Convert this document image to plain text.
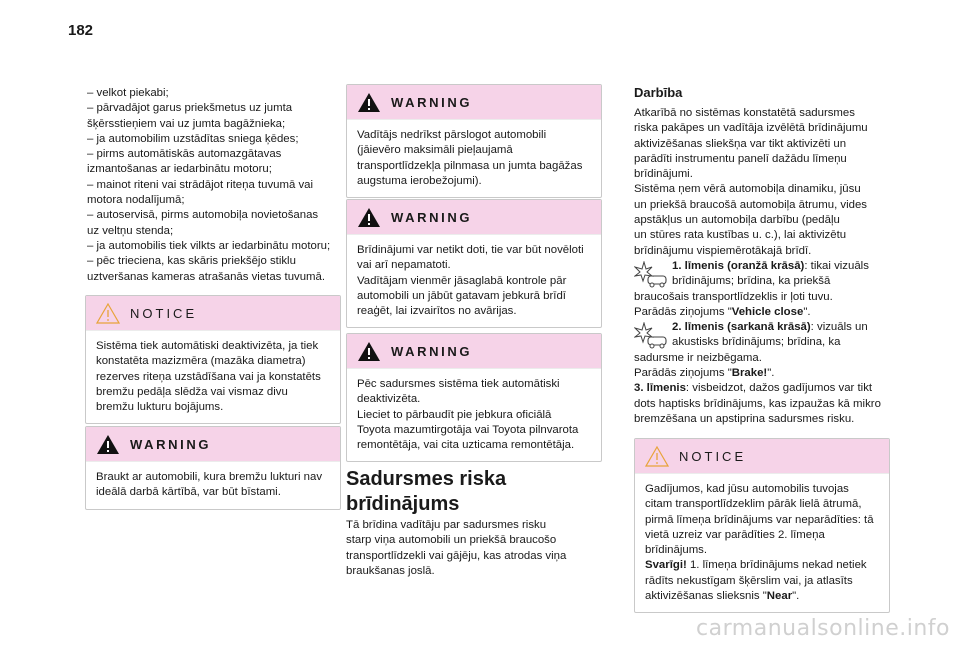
182

– velkot piekabi;
– pārvadājot garus priekšmetus uz jumta
šķērsstieņiem vai uz jumta bagāžnieka;
– ja automobilim uzstādītas sniega ķēdes;
– pirms automātiskās automazgātavas
izmantošanas ar iedarbinātu motoru;
– mainot riteni vai strādājot riteņa tuvumā vai
motora nodalījumā;
– autoservisā, pirms automobiļa novietošanas
uz veltņu stenda;
– ja automobilis tiek vilkts ar iedarbinātu motoru;
– pēc trieciena, kas skāris priekšējo stiklu
uztveršanas kameras atrašanās vietas tuvumā.

NOTICE
Sistēma tiek automātiski deaktivizēta, ja tiek
konstatēta mazizmēra (mazāka diametra)
rezerves riteņa uzstādīšana vai ja konstatēts
bremžu pedāļa slēdža vai vismaz divu
bremžu lukturu bojājums.
WARNING
Braukt ar automobili, kura bremžu lukturi nav
ideālā darbā kārtībā, var būt bīstami.
WARNING
Vadītājs nedrīkst pārslogot automobili
(jāievēro maksimāli pieļaujamā
transportlīdzekļa pilnmasa un jumta bagāžas
augstuma ierobežojumi).
WARNING
Brīdinājumi var netikt doti, tie var būt novēloti
vai arī nepamatoti.
Vadītājam vienmēr jāsaglabā kontrole pār
automobili un jābūt gatavam jebkurā brīdī
reaģēt, lai izvairītos no avārijas.
WARNING
Pēc sadursmes sistēma tiek automātiski
deaktivizēta.
Lieciet to pārbaudīt pie jebkura oficiālā
Toyota mazumtirgotāja vai Toyota pilnvarota
remontētāja, vai cita uzticama remontētāja.

Sadursmes riska

brīdinājums

Tā brīdina vadītāju par sadursmes risku
starp viņa automobili un priekšā braucošo
transportlīdzekli vai gājēju, kas atrodas viņa
braukšanas joslā.

Darbība

Atkarībā no sistēmas konstatētā sadursmes
riska pakāpes un vadītāja izvēlētā brīdinājumu
aktivizēšanas sliekšņa var tikt aktivizēti un
parādīti instrumentu panelī dažādu līmeņu
brīdinājumi.
Sistēma ņem vērā automobiļa dinamiku, jūsu
un priekšā braucošā automobiļa ātrumu, vides
apstākļus un automobiļa darbību (pedāļu
un stūres rata kustības u. c.), lai aktivizētu
brīdinājumu vispiemērotākajā brīdī.

1. līmenis (oranžā krāsā): tikai vizuāls
brīdinājums; brīdina, ka priekšā
braucošais transportlīdzeklis ir ļoti tuvu.
Parādās ziņojums "Vehicle close".
2. līmenis (sarkanā krāsā): vizuāls un
akustisks brīdinājums; brīdina, ka
sadursme ir neizbēgama.
Parādās ziņojums "Brake!".
3. līmenis: visbeidzot, dažos gadījumos var tikt
dots haptisks brīdinājums, kas izpaužas kā mikro
bremzēšana un apstiprina sadursmes risku.
NOTICE
Gadījumos, kad jūsu automobilis tuvojas
citam transportlīdzeklim pārāk lielā ātrumā,
pirmā līmeņa brīdinājums var neparādīties: tā
vietā uzreiz var parādīties 2. līmeņa
brīdinājums.
Svarīgi! 1. līmeņa brīdinājums nekad netiek
rādīts nekustīgam šķērslim vai, ja atlasīts
aktivizēšanas slieksnis "Near".
carmanualsonline.info
